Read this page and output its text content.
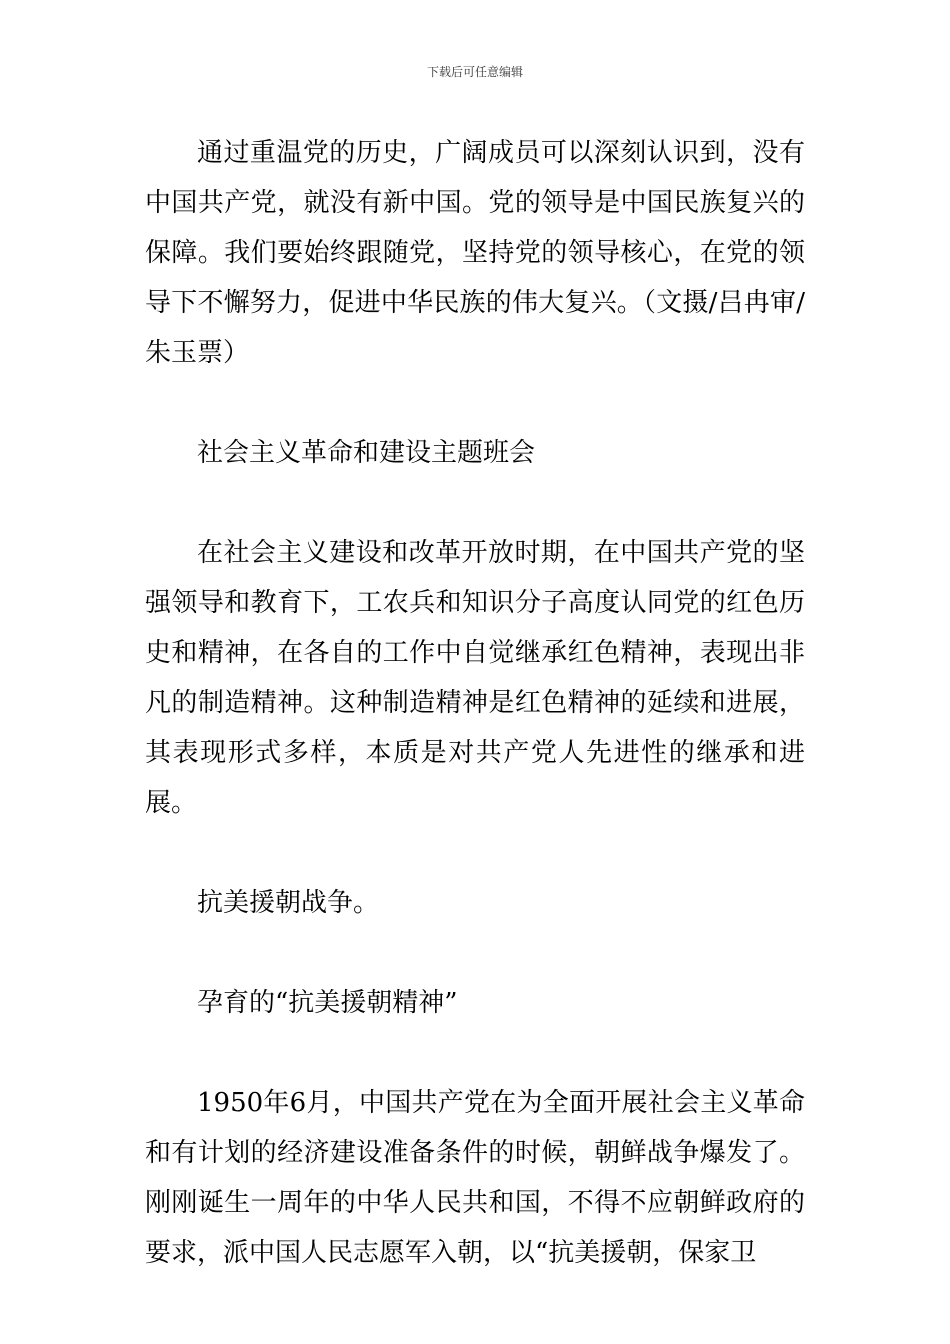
下载后可任意编辑

通过重温党的历史，广阔成员可以深刻认识到，没有中国共产党，就没有新中国。党的领导是中国民族复兴的保障。我们要始终跟随党，坚持党的领导核心，在党的领导下不懈努力，促进中华民族的伟大复兴。（文摄/吕冉审/朱玉票）

社会主义革命和建设主题班会

在社会主义建设和改革开放时期，在中国共产党的坚强领导和教育下，工农兵和知识分子高度认同党的红色历史和精神，在各自的工作中自觉继承红色精神，表现出非凡的制造精神。这种制造精神是红色精神的延续和进展，其表现形式多样，本质是对共产党人先进性的继承和进展。

抗美援朝战争。

孕育的“抗美援朝精神”

1950年6月，中国共产党在为全面开展社会主义革命和有计划的经济建设准备条件的时候，朝鲜战争爆发了。刚刚诞生一周年的中华人民共和国，不得不应朝鲜政府的要求，派中国人民志愿军入朝，以“抗美援朝，保家卫
